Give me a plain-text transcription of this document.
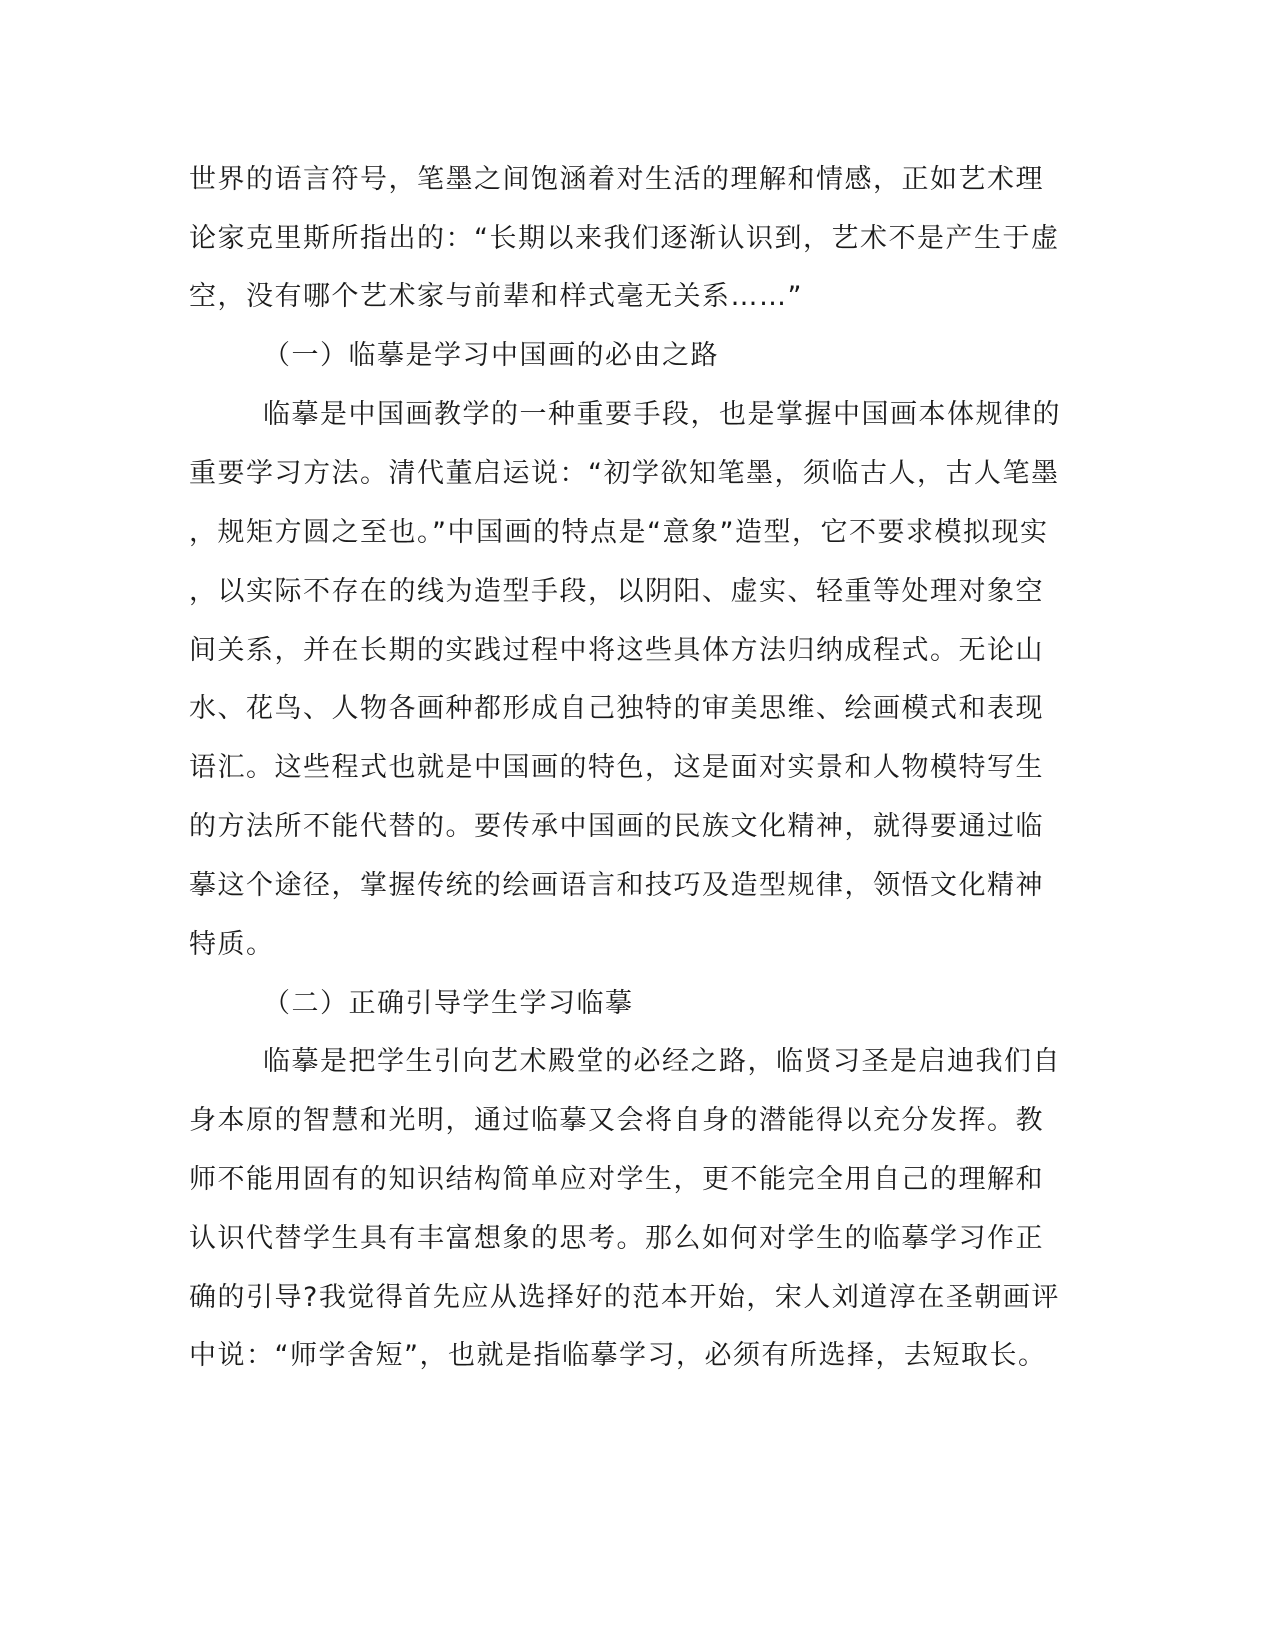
世界的语言符号，笔墨之间饱涵着对生活的理解和情感，正如艺术理
论家克里斯所指出的：“长期以来我们逐渐认识到，艺术不是产生于虚
空，没有哪个艺术家与前辈和样式毫无关系……”
（一）临摹是学习中国画的必由之路
临摹是中国画教学的一种重要手段，也是掌握中国画本体规律的
重要学习方法。清代董启运说：“初学欲知笔墨，须临古人，古人笔墨
，规矩方圆之至也。”中国画的特点是“意象”造型，它不要求模拟现实
，以实际不存在的线为造型手段，以阴阳、虚实、轻重等处理对象空
间关系，并在长期的实践过程中将这些具体方法归纳成程式。无论山
水、花鸟、人物各画种都形成自己独特的审美思维、绘画模式和表现
语汇。这些程式也就是中国画的特色，这是面对实景和人物模特写生
的方法所不能代替的。要传承中国画的民族文化精神，就得要通过临
摹这个途径，掌握传统的绘画语言和技巧及造型规律，领悟文化精神
特质。
（二）正确引导学生学习临摹
临摹是把学生引向艺术殿堂的必经之路，临贤习圣是启迪我们自
身本原的智慧和光明，通过临摹又会将自身的潜能得以充分发挥。教
师不能用固有的知识结构简单应对学生，更不能完全用自己的理解和
认识代替学生具有丰富想象的思考。那么如何对学生的临摹学习作正
确的引导?我觉得首先应从选择好的范本开始，宋人刘道淳在圣朝画评
中说：“师学舍短”，也就是指临摹学习，必须有所选择，去短取长。
